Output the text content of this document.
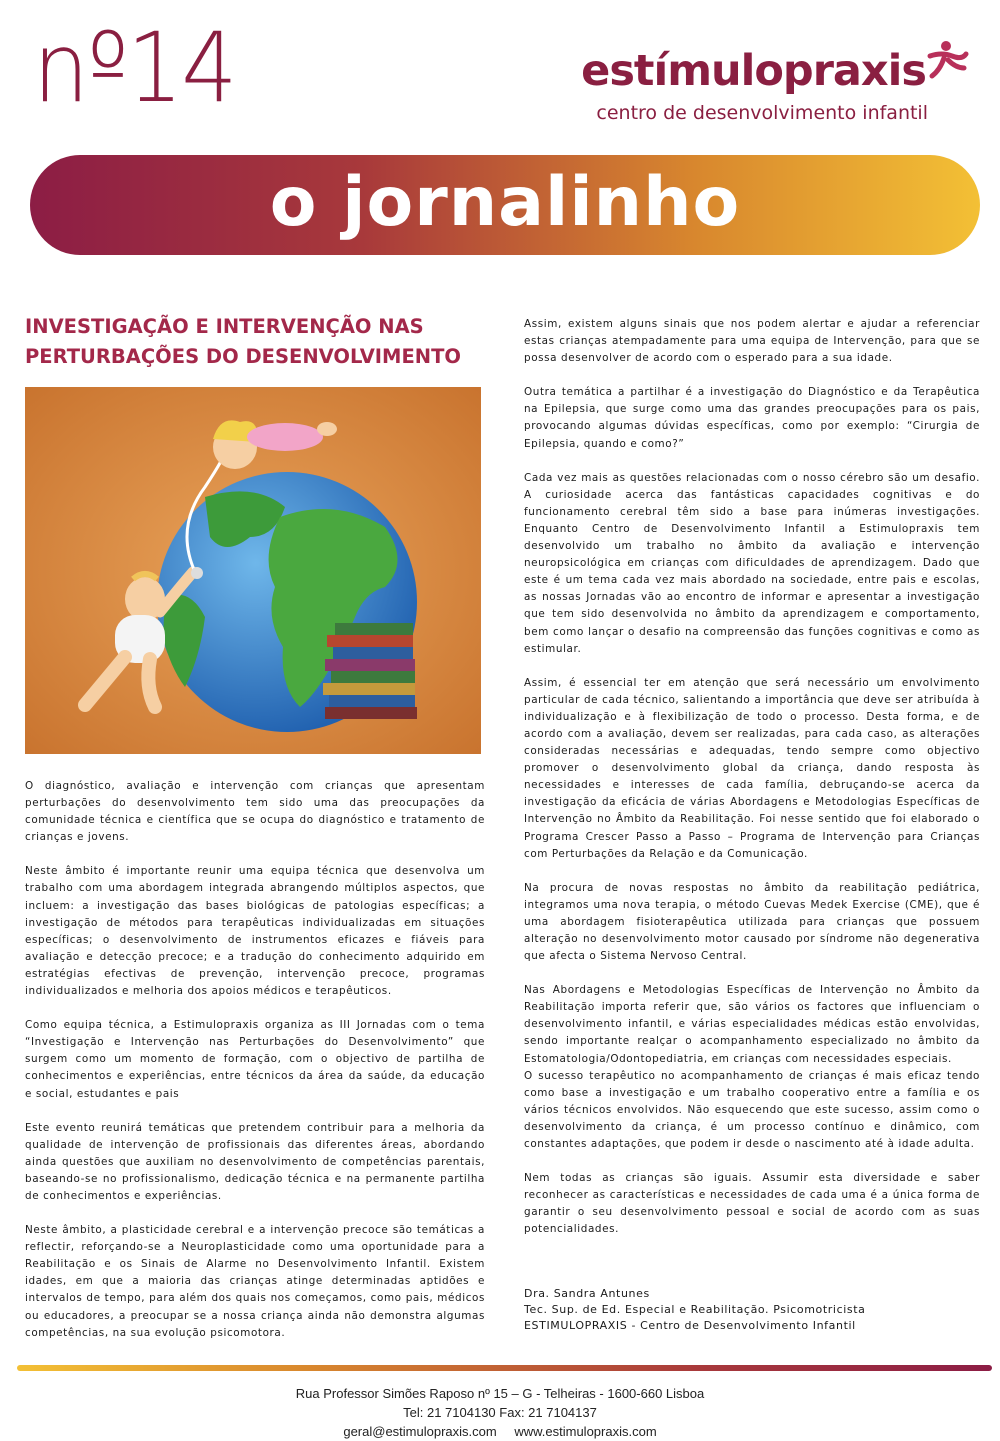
nº14	estímulopraxis
centro de desenvolvimento infantil
o jornalinho
INVESTIGAÇÃO E INTERVENÇÃO NAS
PERTURBAÇÕES DO DESENVOLVIMENTO

O diagnóstico, avaliação e intervenção com crianças que apresentam perturbações do desenvolvimento tem sido uma das preocupações da comunidade técnica e científica que se ocupa do diagnóstico e tratamento de crianças e jovens.

Neste âmbito é importante reunir uma equipa técnica que desenvolva um trabalho com uma abordagem integrada abrangendo múltiplos aspectos, que incluem: a investigação das bases biológicas de patologias específicas; a investigação de métodos para terapêuticas individualizadas em situações específicas; o desenvolvimento de instrumentos eficazes e fiáveis para avaliação e detecção precoce; e a tradução do conhecimento adquirido em estratégias efectivas de prevenção, intervenção precoce, programas individualizados e melhoria dos apoios médicos e terapêuticos.

Como equipa técnica, a Estimulopraxis organiza as III Jornadas com o tema “Investigação e Intervenção nas Perturbações do Desenvolvimento” que surgem como um momento de formação, com o objectivo de partilha de conhecimentos e experiências, entre técnicos da área da saúde, da educação e social, estudantes e pais

Este evento reunirá temáticas que pretendem contribuir para a melhoria da qualidade de intervenção de profissionais das diferentes áreas, abordando ainda questões que auxiliam no desenvolvimento de competências parentais, baseando-se no profissionalismo, dedicação técnica e na permanente partilha de conhecimentos e experiências.

Neste âmbito, a plasticidade cerebral e a intervenção precoce são temáticas a reflectir, reforçando-se a Neuroplasticidade como uma oportunidade para a Reabilitação e os Sinais de Alarme no Desenvolvimento Infantil. Existem idades, em que a maioria das crianças atinge determinadas aptidões e intervalos de tempo, para além dos quais nos começamos, como pais, médicos ou educadores, a preocupar se a nossa criança ainda não demonstra algumas competências, na sua evolução psicomotora.

Assim, existem alguns sinais que nos podem alertar e ajudar a referenciar estas crianças atempadamente para uma equipa de Intervenção, para que se possa desenvolver de acordo com o esperado para a sua idade.

Outra temática a partilhar é a investigação do Diagnóstico e da Terapêutica na Epilepsia, que surge como uma das grandes preocupações para os pais, provocando algumas dúvidas específicas, como por exemplo: “Cirurgia de Epilepsia, quando e como?”

Cada vez mais as questões relacionadas com o nosso cérebro são um desafio. A curiosidade acerca das fantásticas capacidades cognitivas e do funcionamento cerebral têm sido a base para inúmeras investigações. Enquanto Centro de Desenvolvimento Infantil a Estimulopraxis tem desenvolvido um trabalho no âmbito da avaliação e intervenção neuropsicológica em crianças com dificuldades de aprendizagem. Dado que este é um tema cada vez mais abordado na sociedade, entre pais e escolas, as nossas Jornadas vão ao encontro de informar e apresentar a investigação que tem sido desenvolvida no âmbito da aprendizagem e comportamento, bem como lançar o desafio na compreensão das funções cognitivas e como as estimular.

Assim, é essencial ter em atenção que será necessário um envolvimento particular de cada técnico, salientando a importância que deve ser atribuída à individualização e à flexibilização de todo o processo. Desta forma, e de acordo com a avaliação, devem ser realizadas, para cada caso, as alterações consideradas necessárias e adequadas, tendo sempre como objectivo promover o desenvolvimento global da criança, dando resposta às necessidades e interesses de cada família, debruçando-se acerca da investigação da eficácia de várias Abordagens e Metodologias Específicas de Intervenção no Âmbito da Reabilitação. Foi nesse sentido que foi elaborado o Programa Crescer Passo a Passo – Programa de Intervenção para Crianças com Perturbações da Relação e da Comunicação.

Na procura de novas respostas no âmbito da reabilitação pediátrica, integramos uma nova terapia, o método Cuevas Medek Exercise (CME), que é uma abordagem fisioterapêutica utilizada para crianças que possuem alteração no desenvolvimento motor causado por síndrome não degenerativa que afecta o Sistema Nervoso Central.

Nas Abordagens e Metodologias Específicas de Intervenção no Âmbito da Reabilitação importa referir que, são vários os factores que influenciam o desenvolvimento infantil, e várias especialidades médicas estão envolvidas, sendo importante realçar o acompanhamento especializado no âmbito da Estomatologia/Odontopediatria, em crianças com necessidades especiais.

O sucesso terapêutico no acompanhamento de crianças é mais eficaz tendo como base a investigação e um trabalho cooperativo entre a família e os vários técnicos envolvidos. Não esquecendo que este sucesso, assim como o desenvolvimento da criança, é um processo contínuo e dinâmico, com constantes adaptações, que podem ir desde o nascimento até à idade adulta.

Nem todas as crianças são iguais. Assumir esta diversidade e saber reconhecer as características e necessidades de cada uma é a única forma de garantir o seu desenvolvimento pessoal e social de acordo com as suas potencialidades.

Dra. Sandra Antunes

Tec. Sup. de Ed. Especial e Reabilitação. Psicomotricista

ESTIMULOPRAXIS - Centro de Desenvolvimento Infantil

Rua Professor Simões Raposo nº 15 – G - Telheiras - 1600-660 Lisboa

Tel: 21 7104130 Fax: 21 7104137

geral@estimulopraxis.com www.estimulopraxis.com
